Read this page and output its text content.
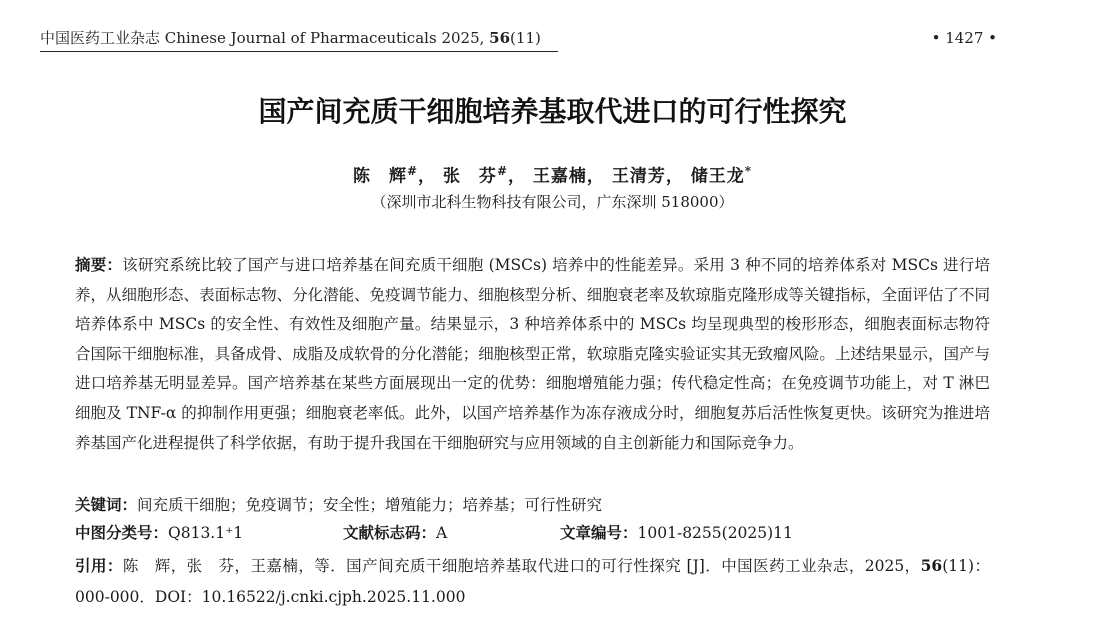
中国医药工业杂志 Chinese Journal of Pharmaceuticals 2025, 56(11)	• 1427 •
国产间充质干细胞培养基取代进口的可行性探究
陈　辉#， 张　芬#， 王嘉楠， 王清芳， 储王龙*
（深圳市北科生物科技有限公司，广东深圳 518000）
摘要：该研究系统比较了国产与进口培养基在间充质干细胞 (MSCs) 培养中的性能差异。采用 3 种不同的培养体系对 MSCs 进行培养，从细胞形态、表面标志物、分化潜能、免疫调节能力、细胞核型分析、细胞衰老率及软琼脂克隆形成等关键指标，全面评估了不同培养体系中 MSCs 的安全性、有效性及细胞产量。结果显示，3 种培养体系中的 MSCs 均呈现典型的梭形形态，细胞表面标志物符合国际干细胞标准，具备成骨、成脂及成软骨的分化潜能；细胞核型正常，软琼脂克隆实验证实其无致瘤风险。上述结果显示，国产与进口培养基无明显差异。国产培养基在某些方面展现出一定的优势：细胞增殖能力强；传代稳定性高；在免疫调节功能上，对 T 淋巴细胞及 TNF-α 的抑制作用更强；细胞衰老率低。此外，以国产培养基作为冻存液成分时，细胞复苏后活性恢复更快。该研究为推进培养基国产化进程提供了科学依据，有助于提升我国在干细胞研究与应用领域的自主创新能力和国际竞争力。
关键词：间充质干细胞；免疫调节；安全性；增殖能力；培养基；可行性研究
中图分类号：Q813.1⁺1	文献标志码：A	文章编号：1001-8255(2025)11
引用：陈　辉，张　芬，王嘉楠，等．国产间充质干细胞培养基取代进口的可行性探究 [J]．中国医药工业杂志，2025，56(11)：000-000．DOI：10.16522/j.cnki.cjph.2025.11.000
